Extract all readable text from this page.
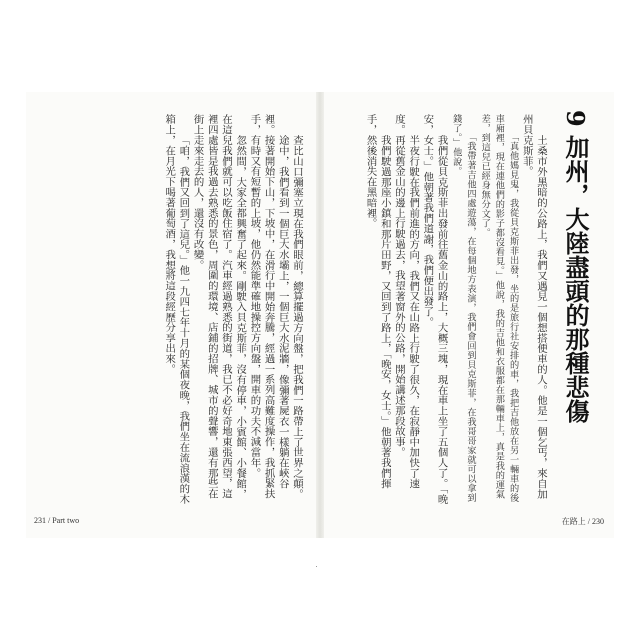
查比山口彌塞立現在我們眼前，總算擺過方向盤，把我們一路帶上了世界之顛。

途中，我們看到一個巨大水壩上，一個巨大水泥牆，像彌著屍衣一樣躺在峽谷裡。接著開始下山，下坡中，在滑行中開始奔騰，經過一系列高難度操作，我抓緊扶手，有時又有短暫的上坡，他仍然能準確地操控方向盤，開車的功夫不減當年。

忽然間，大家全都興奮了起來。剛駛入貝克斯菲，沒有停車，小賓館、小餐館，在這兒我們就可以吃飯住宿了。汽車經過熟悉的街道，我已不必好奇地東張西望，這裡四處皆是我過去熟悉的景色，周圍的環境、店鋪的招牌、城市的聲響，還有那些在街上走來走去的人，還沒有改變。

「咱，我們又回到了這兒。」他一九四七年十月的某個夜晚，我們坐在流浪漢的木箱上，在月光下喝著葡萄酒，我想將這段經歷分享出來。

231 / Part two
9 加州，大陸盡頭的那種悲傷

土桑市外黑暗的公路上，我們又遇見一個想搭便車的人。他是一個乞丐，來自加州貝克斯菲。

「真他媽見鬼，我從貝克斯菲出發，坐的是旅行社安排的車，我把吉他放在另一輛車的後車廂裡，現在連他們的影子都沒看見。」他說，我的吉他和衣服都在那輛車上，真是我的運氣差，到這兒已經身無分文了。

「我帶著吉他四處遊蕩，在每個地方表演，我們會回到貝克斯菲，在我哥哥家就可以拿到錢了。」他說。

我們從貝克斯菲出發前往舊金山的路上，大概三塊，現在車上坐了五個人了。「晚安，女士。」他朝著我們道謝，我們便出發了。

半夜行駛在我們前進的方向，我們又在山路上行駛了很久，在寂靜中加快了速度。再從舊金山的邊上行駛過去，我望著窗外的公路，開始講述那段故事。

我們駛過那座小鎮和那片田野，又回到了路上，「晚安，女士。」他朝著我們揮手，然後消失在黑暗裡。

在路上 / 230
